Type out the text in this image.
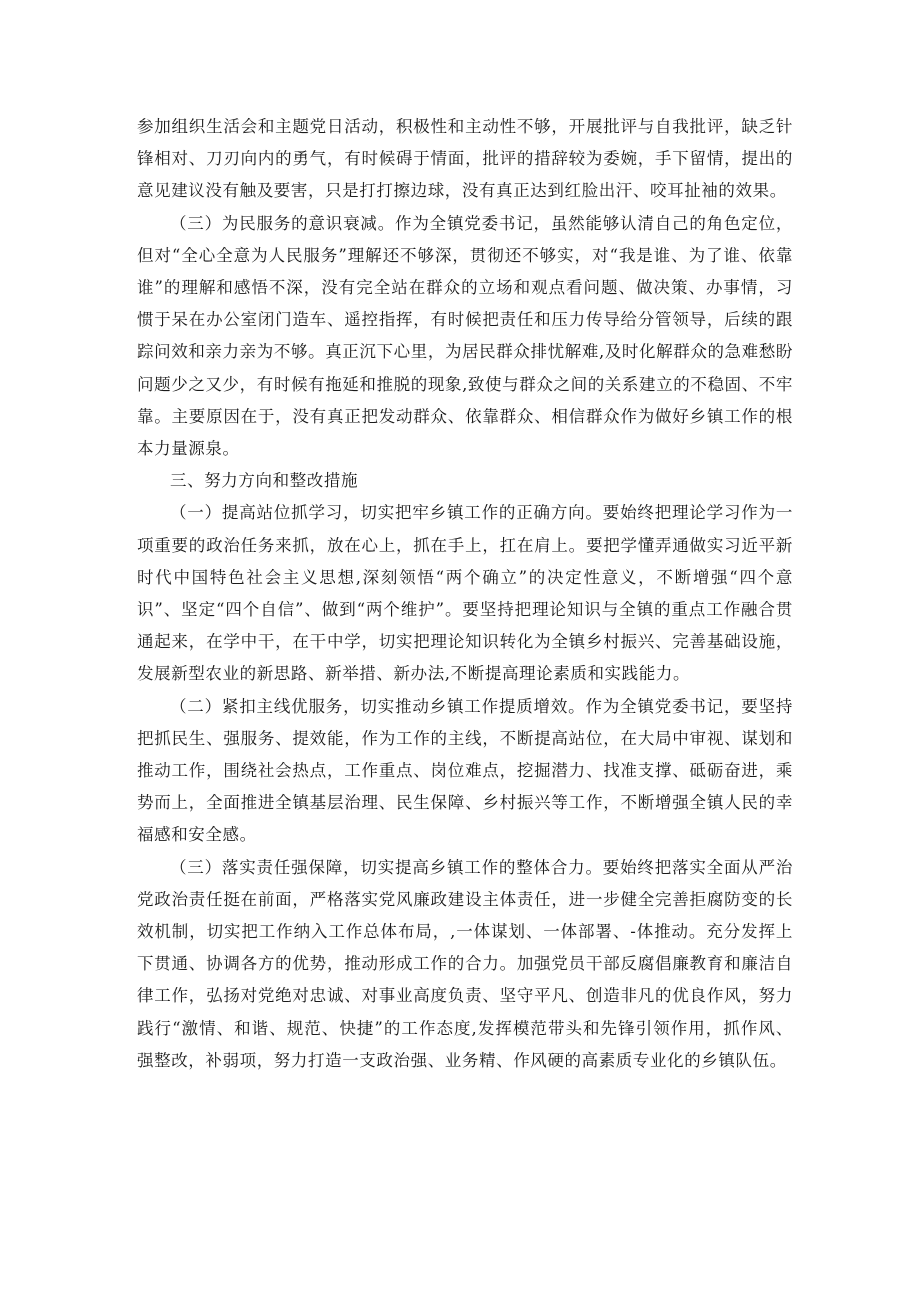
参加组织生活会和主题党日活动，积极性和主动性不够，开展批评与自我批评，缺乏针锋相对、刀刃向内的勇气，有时候碍于情面，批评的措辞较为委婉，手下留情，提出的意见建议没有触及要害，只是打打擦边球，没有真正达到红脸出汗、咬耳扯袖的效果。

（三）为民服务的意识衰减。作为全镇党委书记，虽然能够认清自己的角色定位，但对“全心全意为人民服务”理解还不够深，贯彻还不够实，对“我是谁、为了谁、依靠谁”的理解和感悟不深，没有完全站在群众的立场和观点看问题、做决策、办事情，习惯于呆在办公室闭门造车、遥控指挥，有时候把责任和压力传导给分管领导，后续的跟踪问效和亲力亲为不够。真正沉下心里，为居民群众排忧解难,及时化解群众的急难愁盼问题少之又少，有时候有拖延和推脱的现象,致使与群众之间的关系建立的不稳固、不牢靠。主要原因在于，没有真正把发动群众、依靠群众、相信群众作为做好乡镇工作的根本力量源泉。

三、努力方向和整改措施

（一）提高站位抓学习，切实把牢乡镇工作的正确方向。要始终把理论学习作为一项重要的政治任务来抓，放在心上，抓在手上，扛在肩上。要把学懂弄通做实习近平新时代中国特色社会主义思想,深刻领悟“两个确立”的决定性意义，不断增强“四个意识”、坚定“四个自信”、做到“两个维护”。要坚持把理论知识与全镇的重点工作融合贯通起来，在学中干，在干中学，切实把理论知识转化为全镇乡村振兴、完善基础设施，发展新型农业的新思路、新举措、新办法,不断提高理论素质和实践能力。

（二）紧扣主线优服务，切实推动乡镇工作提质增效。作为全镇党委书记，要坚持把抓民生、强服务、提效能，作为工作的主线，不断提高站位，在大局中审视、谋划和推动工作，围绕社会热点，工作重点、岗位难点，挖掘潜力、找准支撑、砥砺奋进，乘势而上，全面推进全镇基层治理、民生保障、乡村振兴等工作，不断增强全镇人民的幸福感和安全感。

（三）落实责任强保障，切实提高乡镇工作的整体合力。要始终把落实全面从严治党政治责任挺在前面，严格落实党风廉政建设主体责任，进一步健全完善拒腐防变的长效机制，切实把工作纳入工作总体布局，,一体谋划、一体部署、-体推动。充分发挥上下贯通、协调各方的优势，推动形成工作的合力。加强党员干部反腐倡廉教育和廉洁自律工作，弘扬对党绝对忠诚、对事业高度负责、坚守平凡、创造非凡的优良作风，努力践行“激情、和谐、规范、快捷”的工作态度,发挥模范带头和先锋引领作用，抓作风、强整改，补弱项，努力打造一支政治强、业务精、作风硬的高素质专业化的乡镇队伍。
